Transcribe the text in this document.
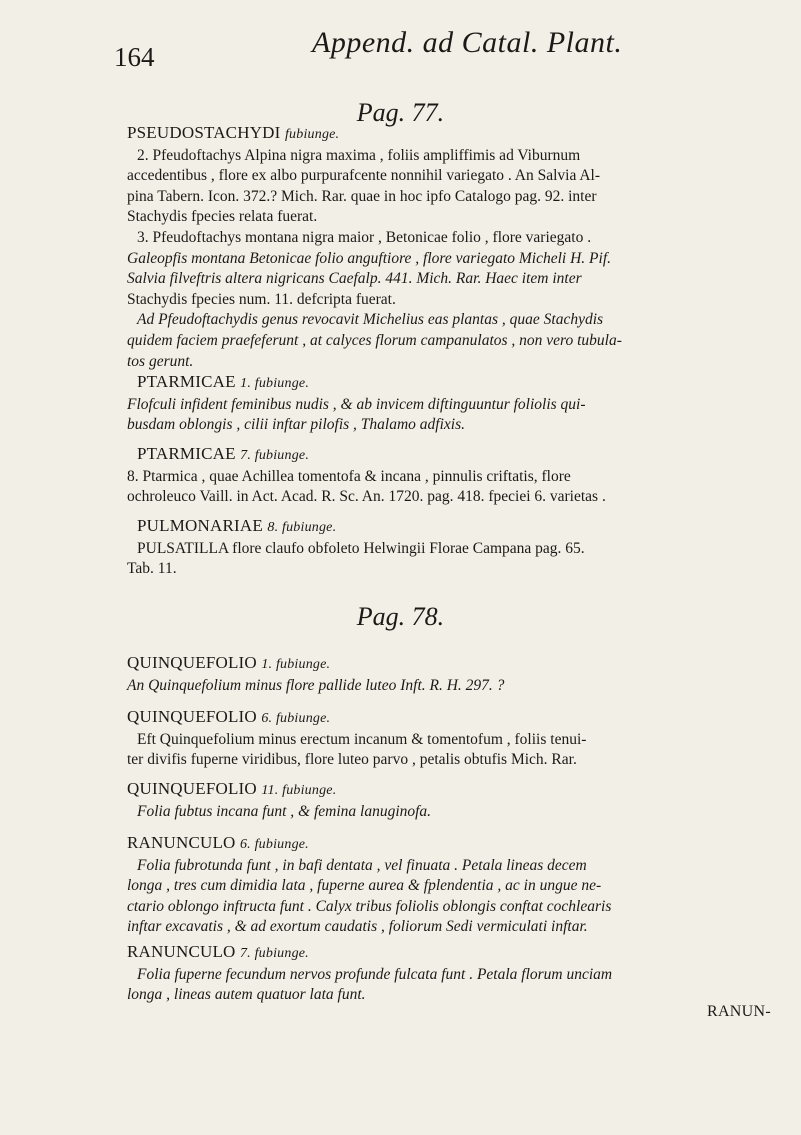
164	Append. ad Catal. Plant.
Pag. 77.

PSEUDOSTACHYDI fubiunge.

2. Pfeudoftachys Alpina nigra maxima , foliis ampliffimis ad Viburnum

accedentibus , flore ex albo purpurafcente nonnihil variegato . An Salvia Al-

pina Tabern. Icon. 372.? Mich. Rar. quae in hoc ipfo Catalogo pag. 92. inter

Stachydis fpecies relata fuerat.

3. Pfeudoftachys montana nigra maior , Betonicae folio , flore variegato .

Galeopfis montana Betonicae folio anguftiore , flore variegato Micheli H. Pif.

Salvia filveftris altera nigricans Caefalp. 441. Mich. Rar. Haec item inter

Stachydis fpecies num. 11. defcripta fuerat.

Ad Pfeudoftachydis genus revocavit Michelius eas plantas , quae Stachydis

quidem faciem praefeferunt , at calyces florum campanulatos , non vero tubula-

tos gerunt.

PTARMICAE 1. fubiunge.

Flofculi infident feminibus nudis , & ab invicem diftinguuntur foliolis qui-

busdam oblongis , cilii inftar pilofis , Thalamo adfixis.

PTARMICAE 7. fubiunge.

8. Ptarmica , quae Achillea tomentofa & incana , pinnulis criftatis, flore

ochroleuco Vaill. in Act. Acad. R. Sc. An. 1720. pag. 418. fpeciei 6. varietas .

PULMONARIAE 8. fubiunge.

PULSATILLA flore claufo obfoleto Helwingii Florae Campana pag. 65.

Tab. 11.

Pag. 78.

QUINQUEFOLIO 1. fubiunge.

An Quinquefolium minus flore pallide luteo Inft. R. H. 297. ?

QUINQUEFOLIO 6. fubiunge.

Eft Quinquefolium minus erectum incanum & tomentofum , foliis tenui-

ter divifis fuperne viridibus, flore luteo parvo , petalis obtufis Mich. Rar.

QUINQUEFOLIO 11. fubiunge.

Folia fubtus incana funt , & femina lanuginofa.

RANUNCULO 6. fubiunge.

Folia fubrotunda funt , in bafi dentata , vel finuata . Petala lineas decem

longa , tres cum dimidia lata , fuperne aurea & fplendentia , ac in ungue ne-

ctario oblongo inftructa funt . Calyx tribus foliolis oblongis conftat cochlearis

inftar excavatis , & ad exortum caudatis , foliorum Sedi vermiculati inftar.

RANUNCULO 7. fubiunge.

Folia fuperne fecundum nervos profunde fulcata funt . Petala florum unciam

longa , lineas autem quatuor lata funt.

RANUN-
